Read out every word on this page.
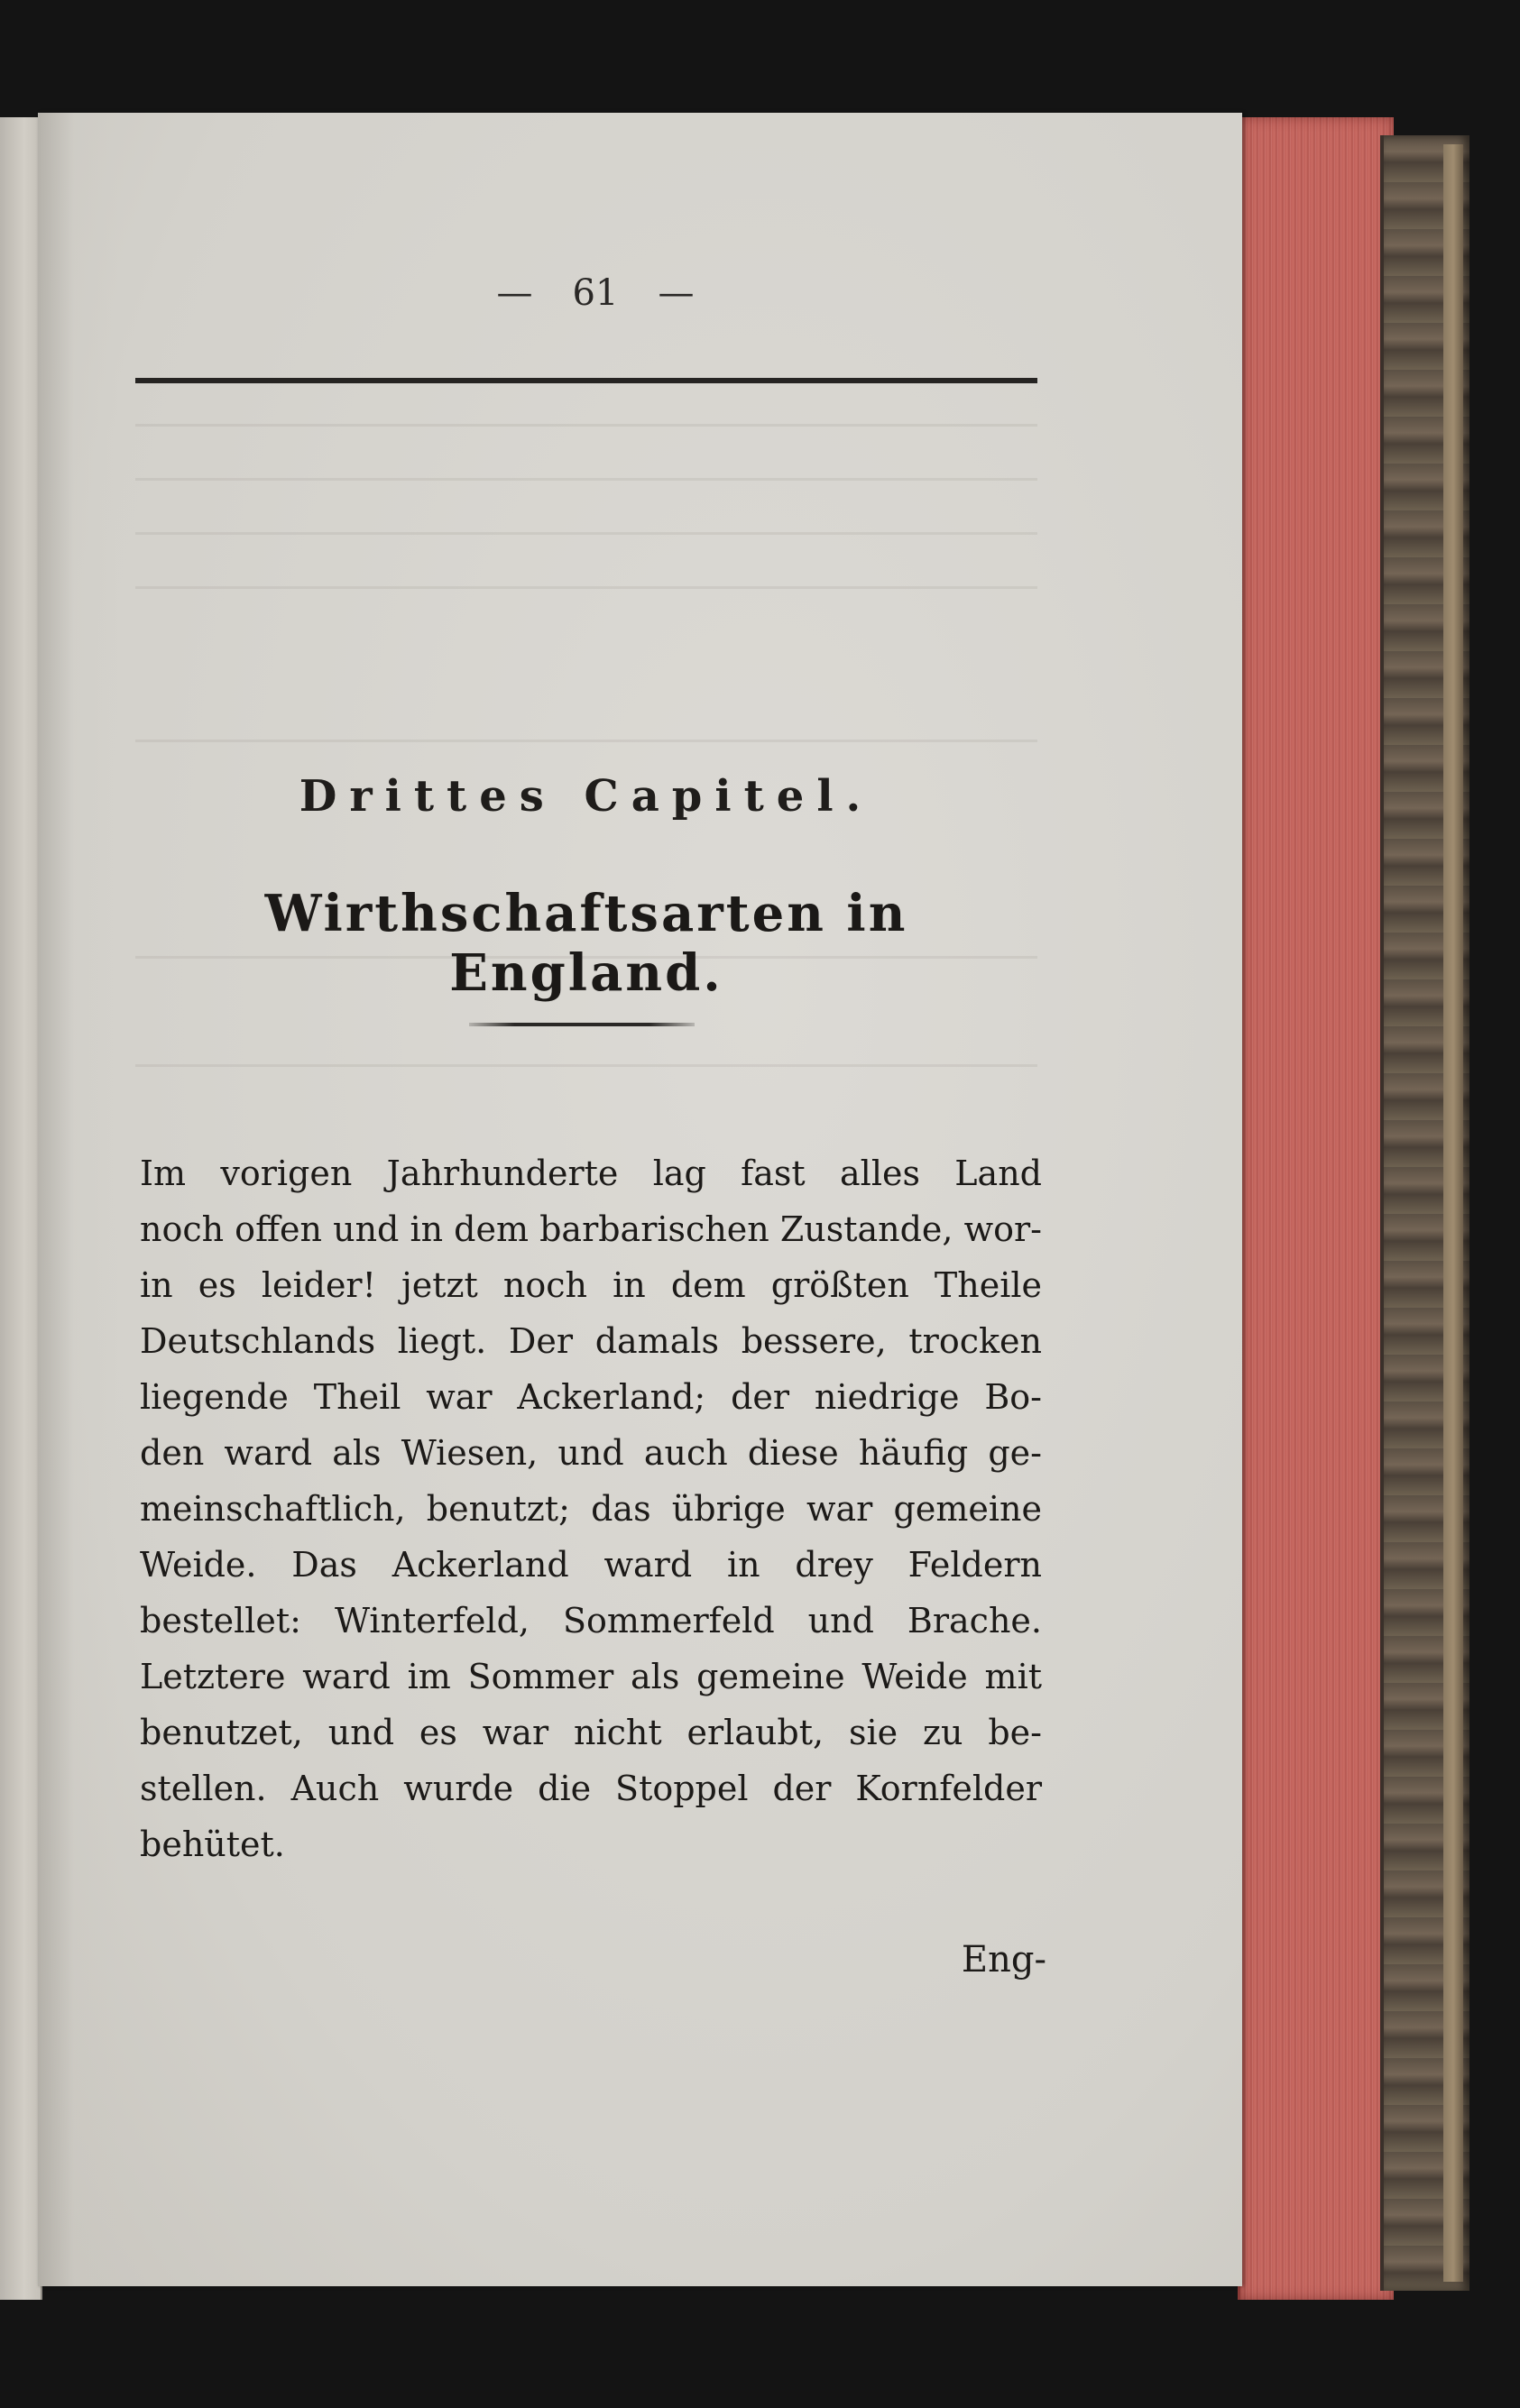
— 61 —
Drittes Capitel.
Wirthschaftsarten in England.
Im vorigen Jahrhunderte lag fast alles Land
noch offen und in dem barbarischen Zustande, wor-
in es leider! jetzt noch in dem größten Theile
Deutschlands liegt. Der damals bessere, trocken
liegende Theil war Ackerland; der niedrige Bo-
den ward als Wiesen, und auch diese häufig ge-
meinschaftlich, benutzt; das übrige war gemeine
Weide. Das Ackerland ward in drey Feldern
bestellet: Winterfeld, Sommerfeld und Brache.
Letztere ward im Sommer als gemeine Weide mit
benutzet, und es war nicht erlaubt, sie zu be-
stellen. Auch wurde die Stoppel der Kornfelder
behütet.
Eng-
